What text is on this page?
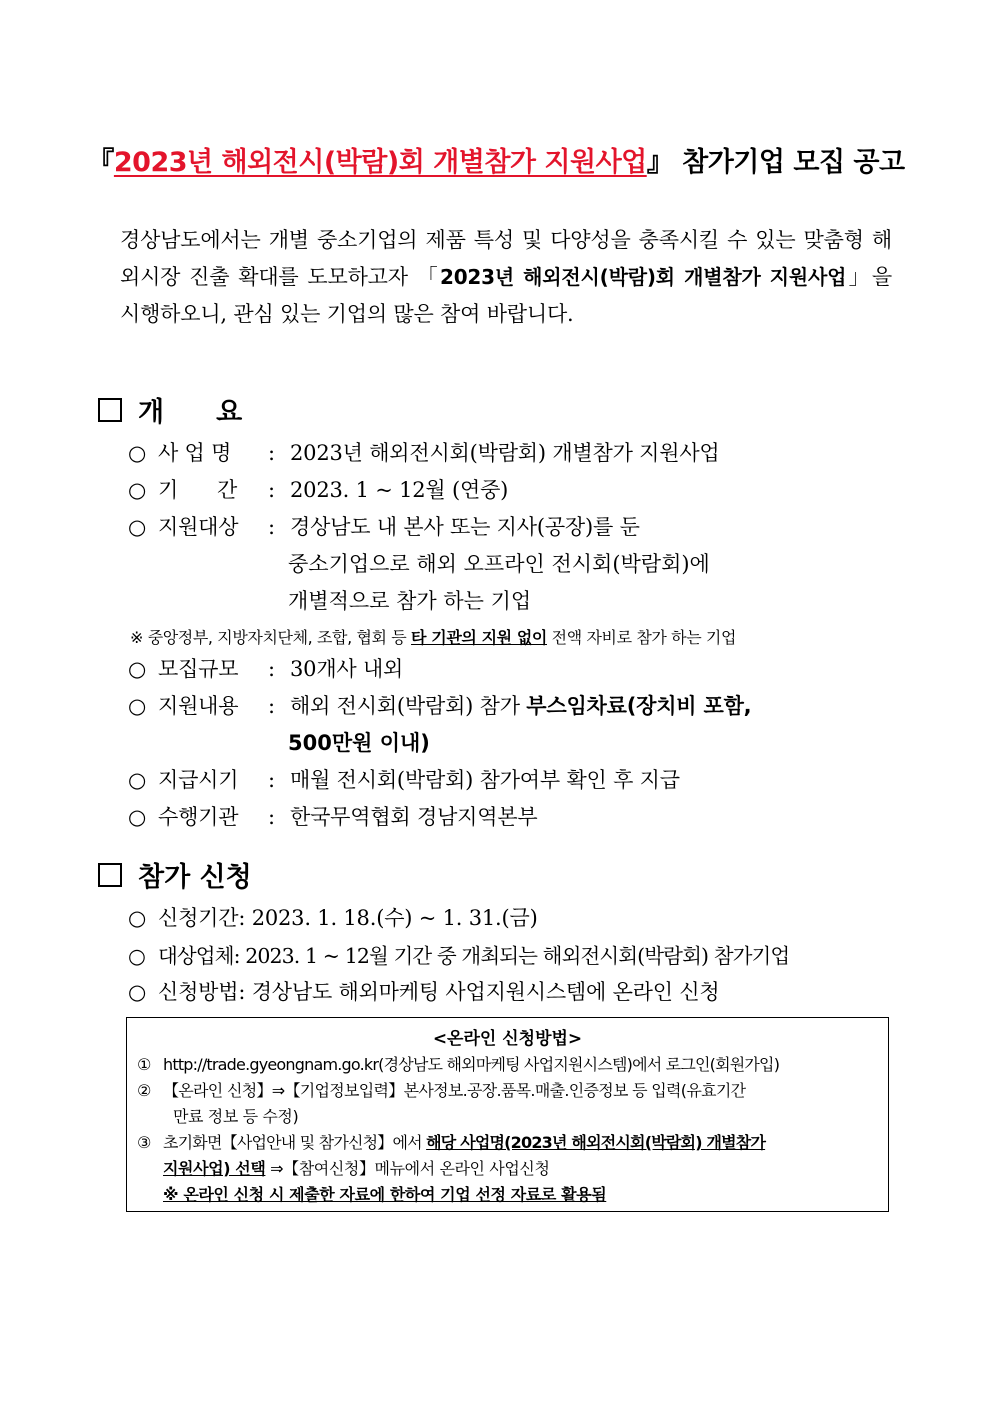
『2023년 해외전시(박람)회 개별참가 지원사업』 참가기업 모집 공고
경상남도에서는 개별 중소기업의 제품 특성 및 다양성을 충족시킬 수 있는 맞춤형 해외시장 진출 확대를 도모하고자 「2023년 해외전시(박람)회 개별참가 지원사업」을 시행하오니, 관심 있는 기업의 많은 참여 바랍니다.
개 요
○ 사 업 명 : 2023년 해외전시회(박람회) 개별참가 지원사업
○ 기      간 : 2023. 1 ~ 12월 (연중)
○ 지원대상 : 경상남도 내 본사 또는 지사(공장)를 둔
중소기업으로 해외 오프라인 전시회(박람회)에
개별적으로 참가 하는 기업
※ 중앙정부, 지방자치단체, 조합, 협회 등 타 기관의 지원 없이 전액 자비로 참가 하는 기업
○ 모집규모 : 30개사 내외
○ 지원내용 : 해외 전시회(박람회) 참가 부스임차료(장치비 포함,
500만원 이내)
○ 지급시기 : 매월 전시회(박람회) 참가여부 확인 후 지급
○ 수행기관 : 한국무역협회 경남지역본부
참가 신청
○ 신청기간: 2023. 1. 18.(수) ~ 1. 31.(금)
○ 대상업체: 2023. 1 ~ 12월 기간 중 개최되는 해외전시회(박람회) 참가기업
○ 신청방법: 경상남도 해외마케팅 사업지원시스템에 온라인 신청
<온라인 신청방법>
① http://trade.gyeongnam.go.kr(경상남도 해외마케팅 사업지원시스템)에서 로그인(회원가입)
② 【온라인 신청】⇒【기업정보입력】본사정보.공장.품목.매출.인증정보 등 입력(유효기간
만료 정보 등 수정)
③ 초기화면【사업안내 및 참가신청】에서 해당 사업명(2023년 해외전시회(박람회) 개별참가
지원사업) 선택 ⇒【참여신청】메뉴에서 온라인 사업신청
※ 온라인 신청 시 제출한 자료에 한하여 기업 선정 자료로 활용됨
